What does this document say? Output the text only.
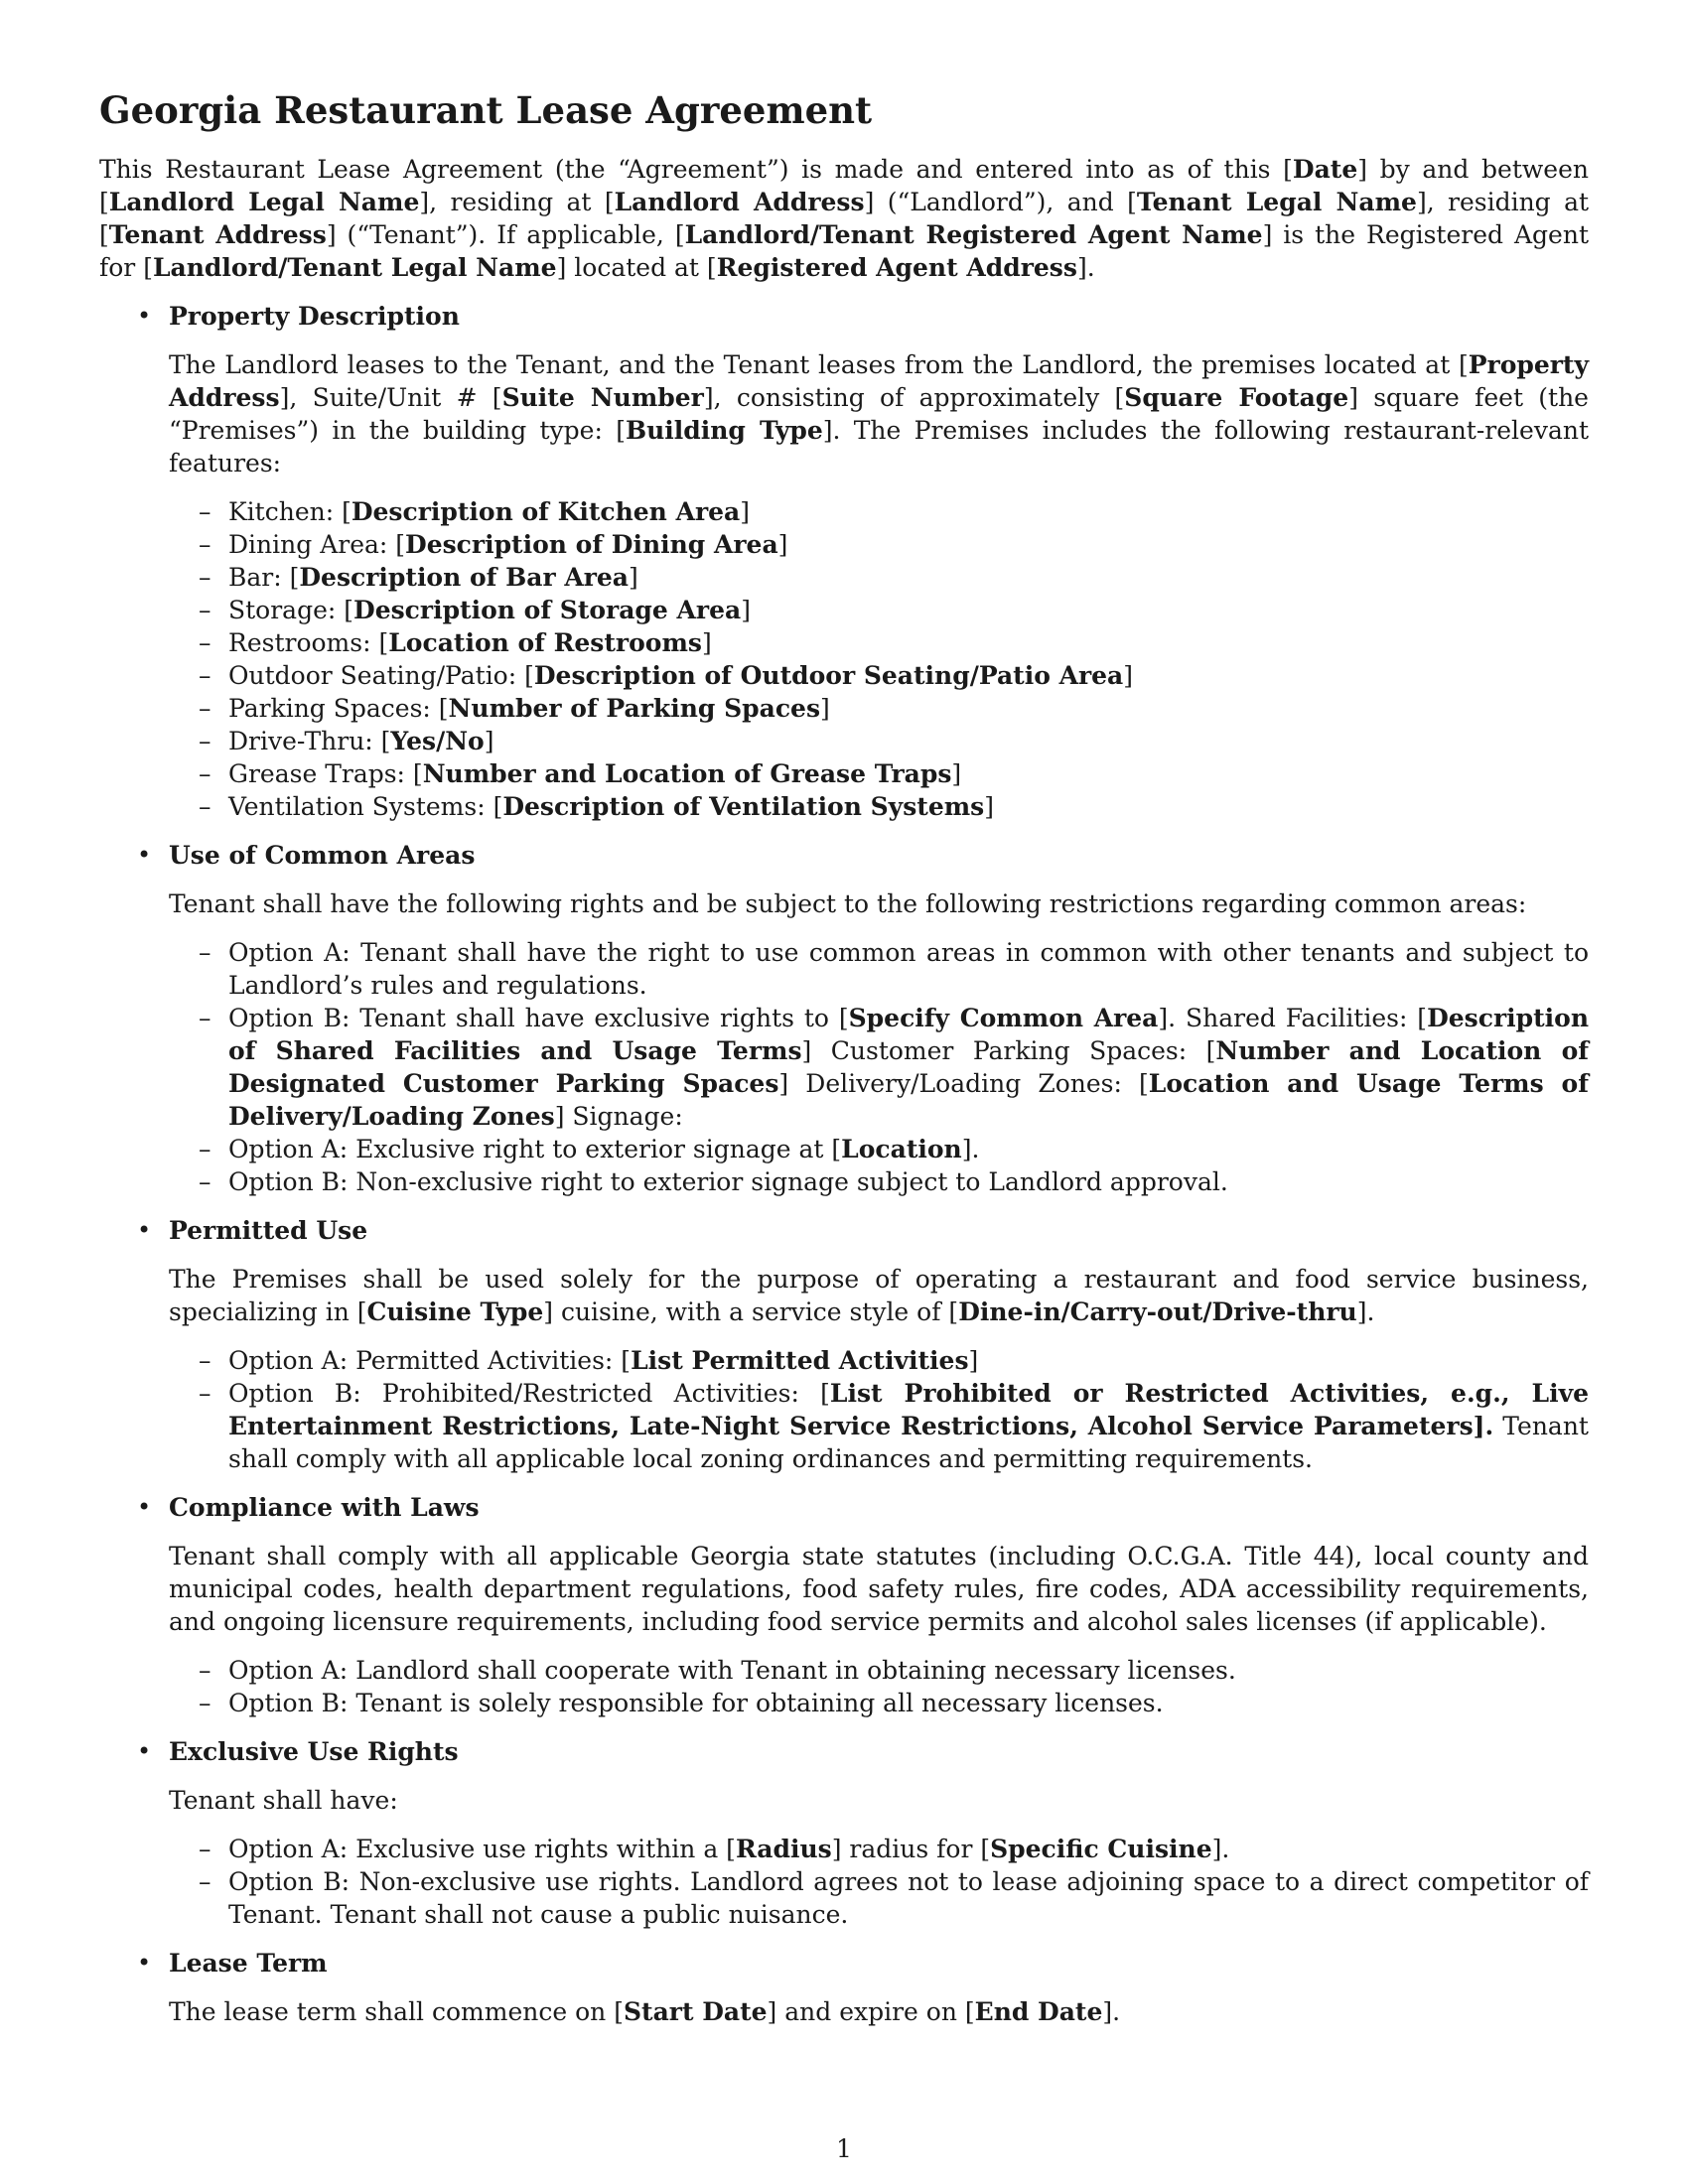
Georgia Restaurant Lease Agreement

This Restaurant Lease Agreement (the “Agreement”) is made and entered into as of this [Date] by and between [Landlord Legal Name], residing at [Landlord Address] (“Landlord”), and [Tenant Legal Name], residing at [Tenant Address] (“Tenant”). If applicable, [Landlord/Tenant Registered Agent Name] is the Registered Agent for [Landlord/Tenant Legal Name] located at [Registered Agent Address].

• Property Description

The Landlord leases to the Tenant, and the Tenant leases from the Landlord, the premises located at [Property Address], Suite/Unit # [Suite Number], consisting of approximately [Square Footage] square feet (the “Premises”) in the building type: [Building Type]. The Premises includes the following restaurant-relevant features:

– Kitchen: [Description of Kitchen Area]
– Dining Area: [Description of Dining Area]
– Bar: [Description of Bar Area]
– Storage: [Description of Storage Area]
– Restrooms: [Location of Restrooms]
– Outdoor Seating/Patio: [Description of Outdoor Seating/Patio Area]
– Parking Spaces: [Number of Parking Spaces]
– Drive-Thru: [Yes/No]
– Grease Traps: [Number and Location of Grease Traps]
– Ventilation Systems: [Description of Ventilation Systems]
• Use of Common Areas

Tenant shall have the following rights and be subject to the following restrictions regarding common areas:

– Option A: Tenant shall have the right to use common areas in common with other tenants and subject to Landlord’s rules and regulations.
– Option B: Tenant shall have exclusive rights to [Specify Common Area]. Shared Facilities: [Description of Shared Facilities and Usage Terms] Customer Parking Spaces: [Number and Location of Designated Customer Parking Spaces] Delivery/Loading Zones: [Location and Usage Terms of Delivery/Loading Zones] Signage:
– Option A: Exclusive right to exterior signage at [Location].
– Option B: Non-exclusive right to exterior signage subject to Landlord approval.
• Permitted Use

The Premises shall be used solely for the purpose of operating a restaurant and food service business, specializing in [Cuisine Type] cuisine, with a service style of [Dine-in/Carry-out/Drive-thru].

– Option A: Permitted Activities: [List Permitted Activities]
– Option B: Prohibited/Restricted Activities: [List Prohibited or Restricted Activities, e.g., Live Entertainment Restrictions, Late-Night Service Restrictions, Alcohol Service Parameters]. Tenant shall comply with all applicable local zoning ordinances and permitting requirements.
• Compliance with Laws

Tenant shall comply with all applicable Georgia state statutes (including O.C.G.A. Title 44), local county and municipal codes, health department regulations, food safety rules, fire codes, ADA accessibility requirements, and ongoing licensure requirements, including food service permits and alcohol sales licenses (if applicable).

– Option A: Landlord shall cooperate with Tenant in obtaining necessary licenses.
– Option B: Tenant is solely responsible for obtaining all necessary licenses.
• Exclusive Use Rights

Tenant shall have:

– Option A: Exclusive use rights within a [Radius] radius for [Specific Cuisine].
– Option B: Non-exclusive use rights. Landlord agrees not to lease adjoining space to a direct competitor of Tenant. Tenant shall not cause a public nuisance.
• Lease Term

The lease term shall commence on [Start Date] and expire on [End Date].

1
